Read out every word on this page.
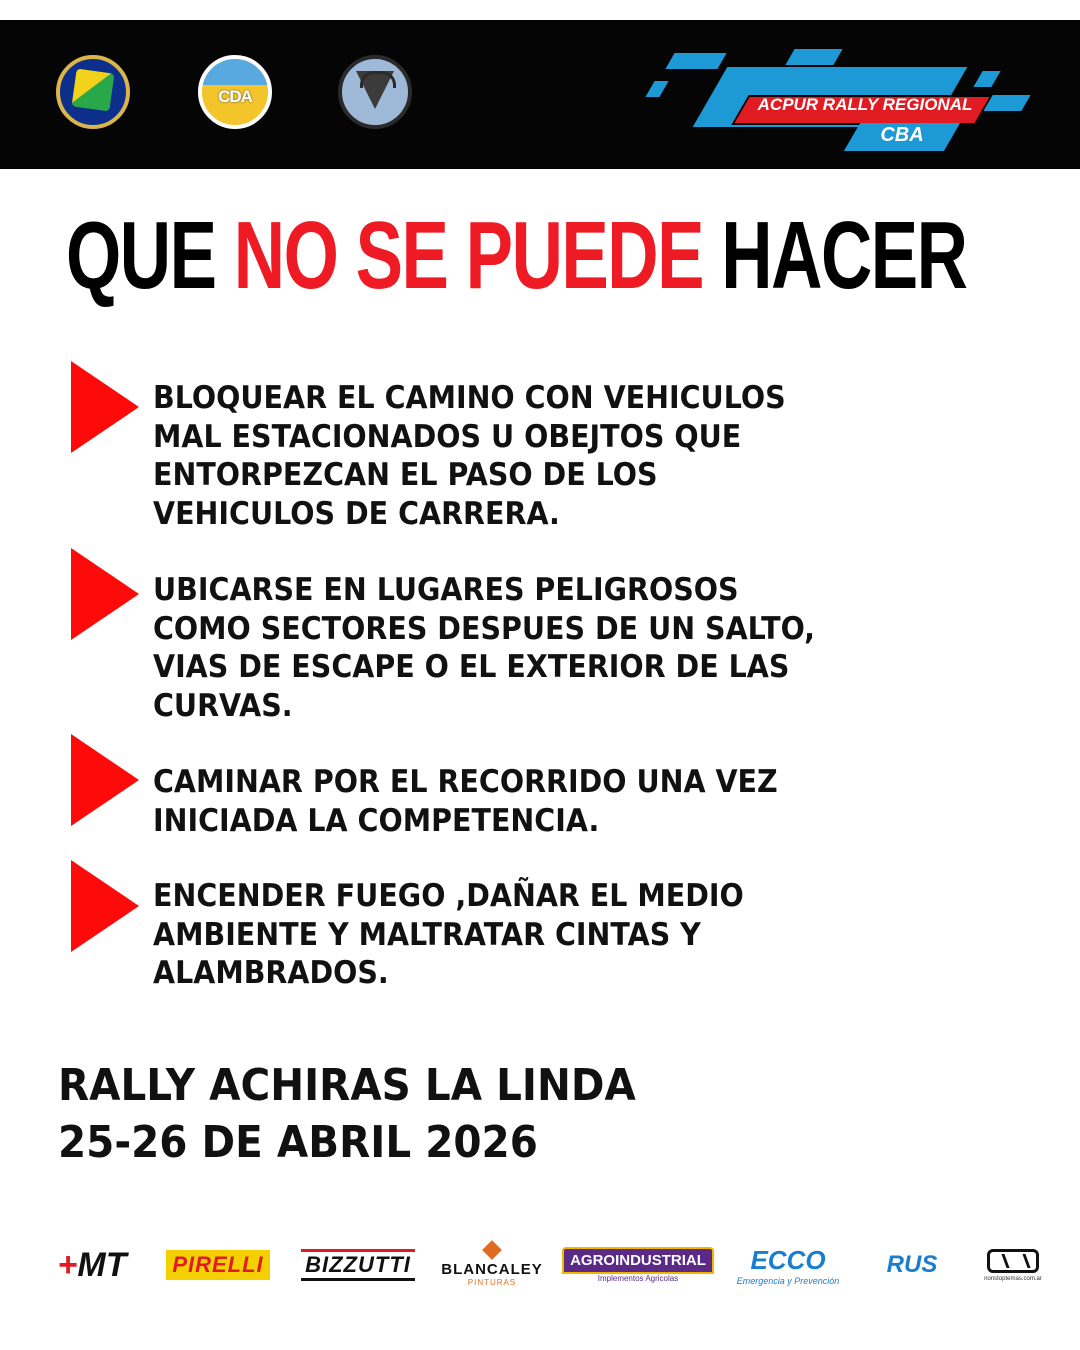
CDA	ACPUR RALLY REGIONAL
CBA
QUE NO SE PUEDE HACER

BLOQUEAR EL CAMINO CON VEHICULOS
MAL ESTACIONADOS U OBEJTOS QUE
ENTORPEZCAN EL PASO DE LOS
VEHICULOS DE CARRERA.

UBICARSE EN LUGARES PELIGROSOS
COMO SECTORES DESPUES DE UN SALTO,
VIAS DE ESCAPE O EL EXTERIOR DE LAS
CURVAS.

CAMINAR POR EL RECORRIDO UNA VEZ
INICIADA LA COMPETENCIA.

ENCENDER FUEGO ,DAÑAR EL MEDIO
AMBIENTE Y MALTRATAR CINTAS Y
ALAMBRADOS.

RALLY ACHIRAS LA LINDA

25-26 DE ABRIL 2026

+ MT PIRELLI BIZZUTTI BLANCALEY
PINTURAS
AGROINDUSTRIAL
Implementos Agricolas
ECCO
Emergencia y Prevención
RUS
nonstoptemas.com.ar
